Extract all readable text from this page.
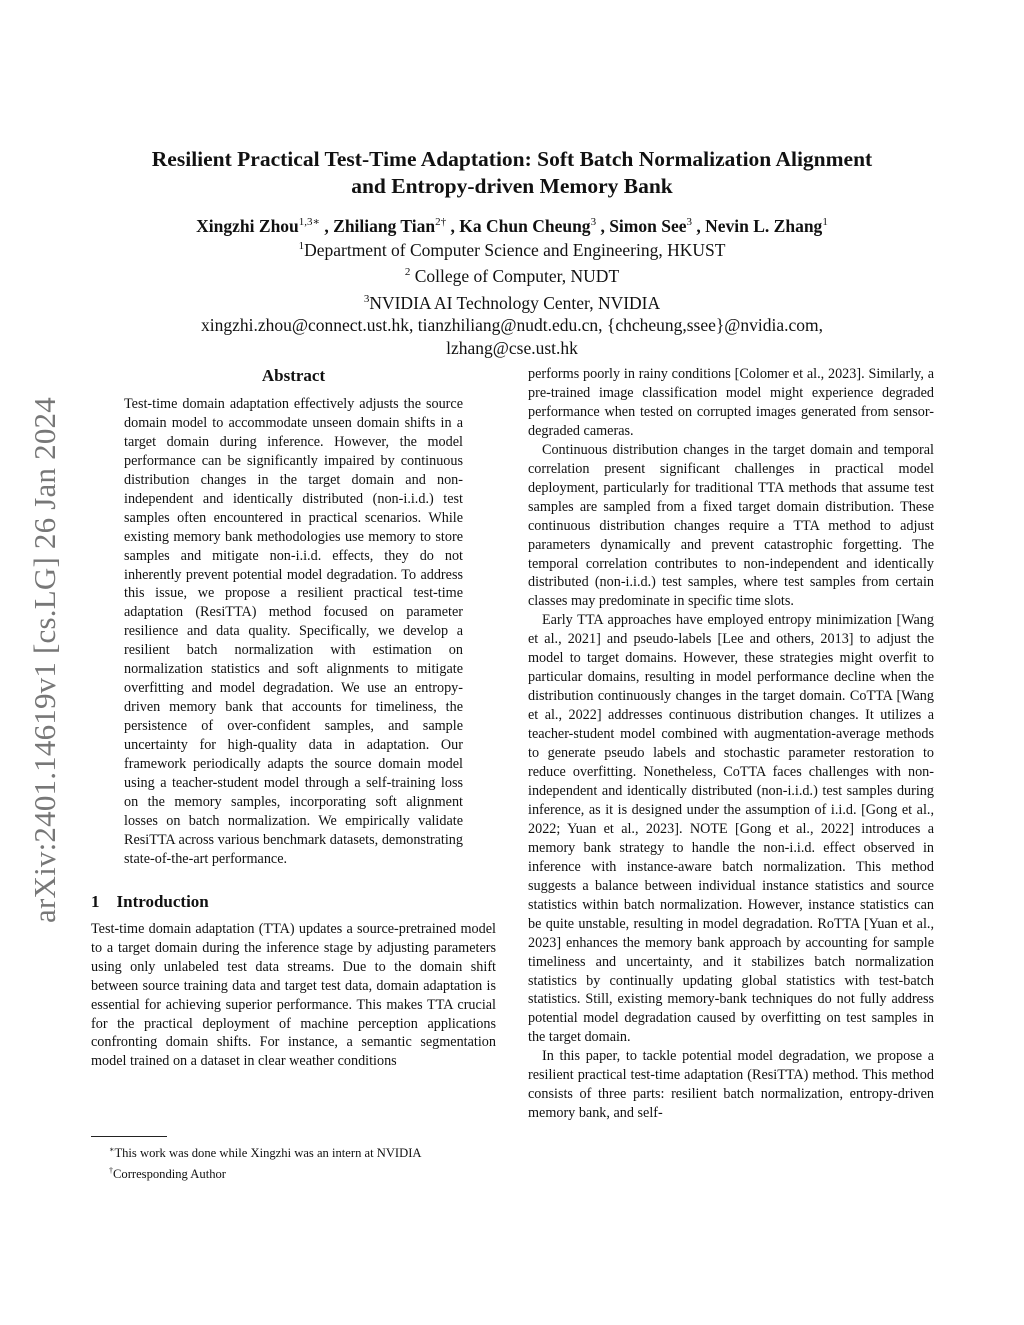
arXiv:2401.14619v1 [cs.LG] 26 Jan 2024
Resilient Practical Test-Time Adaptation: Soft Batch Normalization Alignment
and Entropy-driven Memory Bank
Xingzhi Zhou$^{1,3∗}$ , Zhiliang Tian$^{2\dagger}$ , Ka Chun Cheung$^3$ , Simon See$^3$ , Nevin L. Zhang$^1$
$^1$Department of Computer Science and Engineering, HKUST
$^2$ College of Computer, NUDT
$^3$NVIDIA AI Technology Center, NVIDIA
xingzhi.zhou@connect.ust.hk, tianzhiliang@nudt.edu.cn, {chcheung,ssee}@nvidia.com,
lzhang@cse.ust.hk
Abstract

Test-time domain adaptation effectively adjusts the source domain model to accommodate unseen domain shifts in a target domain during inference. However, the model performance can be significantly impaired by continuous distribution changes in the target domain and non-independent and identically distributed (non-i.i.d.) test samples often encountered in practical scenarios. While existing memory bank methodologies use memory to store samples and mitigate non-i.i.d. effects, they do not inherently prevent potential model degradation. To address this issue, we propose a resilient practical test-time adaptation (ResiTTA) method focused on parameter resilience and data quality. Specifically, we develop a resilient batch normalization with estimation on normalization statistics and soft alignments to mitigate overfitting and model degradation. We use an entropy-driven memory bank that accounts for timeliness, the persistence of over-confident samples, and sample uncertainty for high-quality data in adaptation. Our framework periodically adapts the source domain model using a teacher-student model through a self-training loss on the memory samples, incorporating soft alignment losses on batch normalization. We empirically validate ResiTTA across various benchmark datasets, demonstrating state-of-the-art performance.

1 Introduction

Test-time domain adaptation (TTA) updates a source-pretrained model to a target domain during the inference stage by adjusting parameters using only unlabeled test data streams. Due to the domain shift between source training data and target test data, domain adaptation is essential for achieving superior performance. This makes TTA crucial for the practical deployment of machine perception applications confronting domain shifts. For instance, a semantic segmentation model trained on a dataset in clear weather conditions

∗This work was done while Xingzhi was an intern at NVIDIA
†Corresponding Author

performs poorly in rainy conditions [Colomer et al., 2023]. Similarly, a pre-trained image classification model might experience degraded performance when tested on corrupted images generated from sensor-degraded cameras.

Continuous distribution changes in the target domain and temporal correlation present significant challenges in practical model deployment, particularly for traditional TTA methods that assume test samples are sampled from a fixed target domain distribution. These continuous distribution changes require a TTA method to adjust parameters dynamically and prevent catastrophic forgetting. The temporal correlation contributes to non-independent and identically distributed (non-i.i.d.) test samples, where test samples from certain classes may predominate in specific time slots.

Early TTA approaches have employed entropy minimization [Wang et al., 2021] and pseudo-labels [Lee and others, 2013] to adjust the model to target domains. However, these strategies might overfit to particular domains, resulting in model performance decline when the distribution continuously changes in the target domain. CoTTA [Wang et al., 2022] addresses continuous distribution changes. It utilizes a teacher-student model combined with augmentation-average methods to generate pseudo labels and stochastic parameter restoration to reduce overfitting. Nonetheless, CoTTA faces challenges with non-independent and identically distributed (non-i.i.d.) test samples during inference, as it is designed under the assumption of i.i.d. [Gong et al., 2022; Yuan et al., 2023]. NOTE [Gong et al., 2022] introduces a memory bank strategy to handle the non-i.i.d. effect observed in inference with instance-aware batch normalization. This method suggests a balance between individual instance statistics and source statistics within batch normalization. However, instance statistics can be quite unstable, resulting in model degradation. RoTTA [Yuan et al., 2023] enhances the memory bank approach by accounting for sample timeliness and uncertainty, and it stabilizes batch normalization statistics by continually updating global statistics with test-batch statistics. Still, existing memory-bank techniques do not fully address potential model degradation caused by overfitting on test samples in the target domain.

In this paper, to tackle potential model degradation, we propose a resilient practical test-time adaptation (ResiTTA) method. This method consists of three parts: resilient batch normalization, entropy-driven memory bank, and self-
